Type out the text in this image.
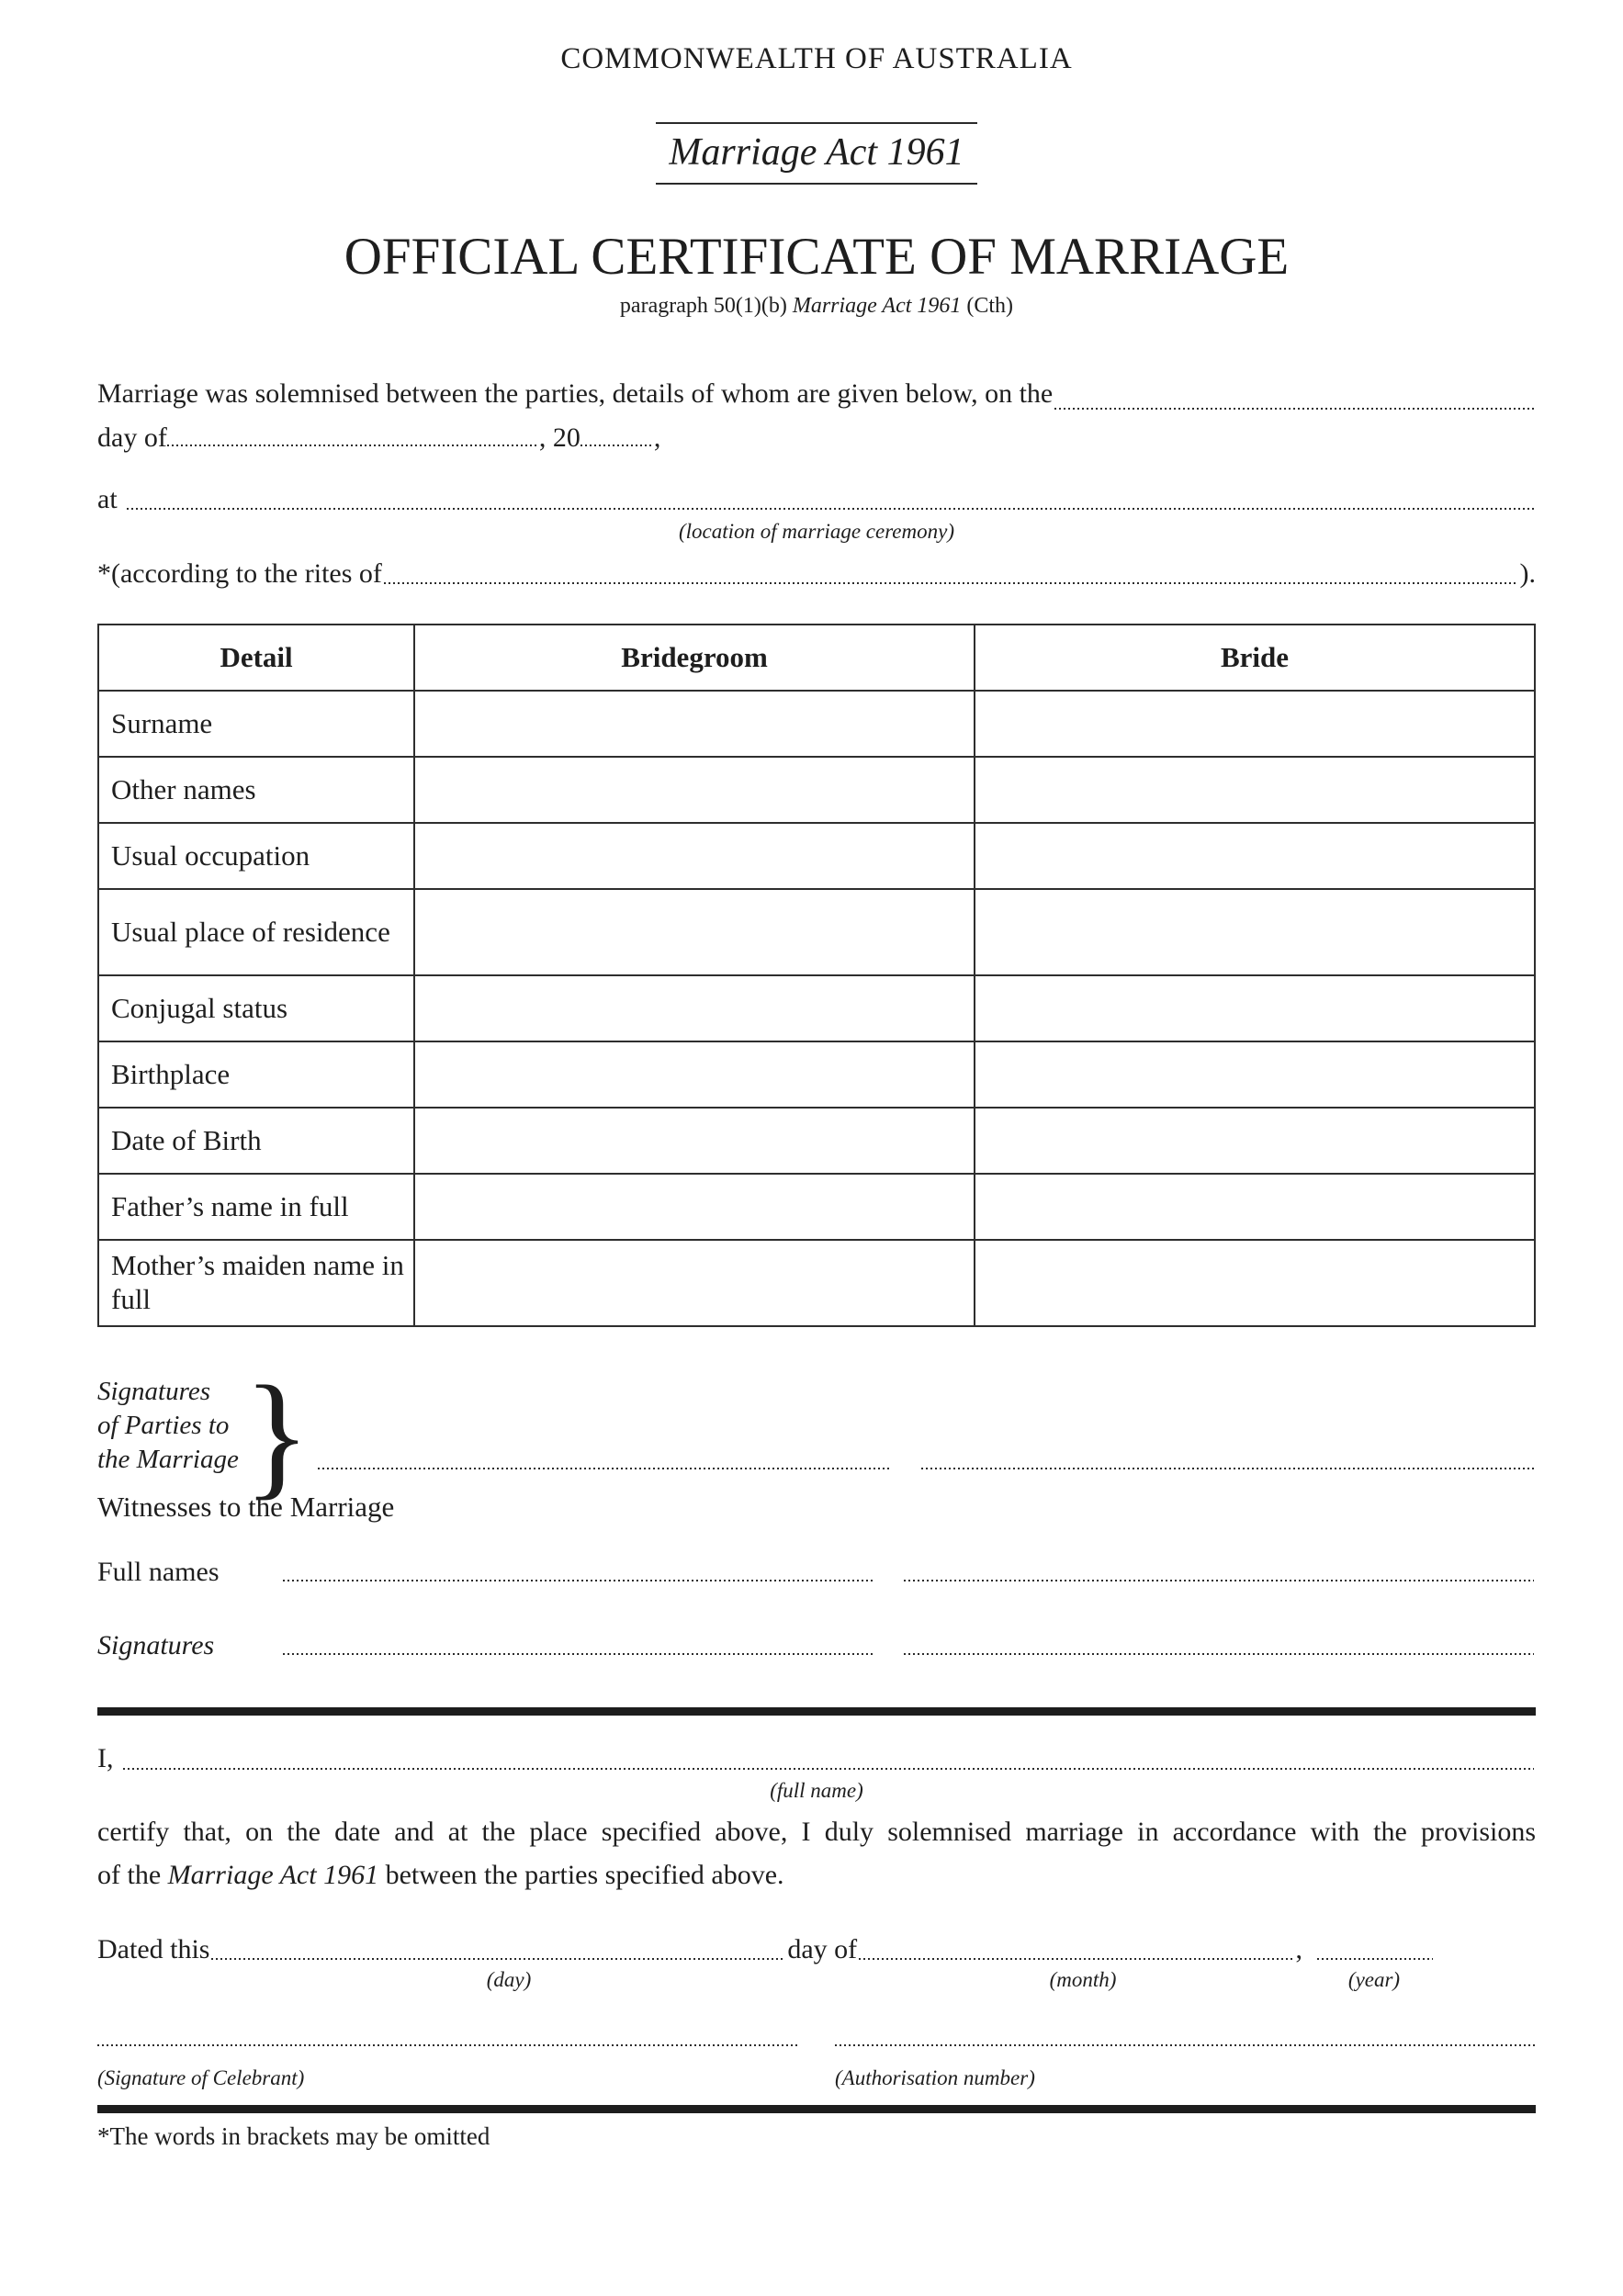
COMMONWEALTH OF AUSTRALIA
Marriage Act 1961
OFFICIAL CERTIFICATE OF MARRIAGE
paragraph 50(1)(b) Marriage Act 1961 (Cth)
Marriage was solemnised between the parties, details of whom are given below, on the
day of	, 20	,
at
(location of marriage ceremony)
*(according to the rites of	).
Detail	Bridegroom	Bride
Surname		
Other names		
Usual occupation		
Usual place of residence		
Conjugal status		
Birthplace		
Date of Birth		
Father’s name in full		
Mother’s maiden name in full		
Signatures
of Parties to
the Marriage }
Witnesses to the Marriage
Full names
Signatures
I,
(full name)
certify that, on the date and at the place specified above, I duly solemnised marriage in accordance with the provisions
of the Marriage Act 1961 between the parties specified above.
Dated this	day of	,
(day)	(month)	(year)
(Signature of Celebrant)	(Authorisation number)
*The words in brackets may be omitted
